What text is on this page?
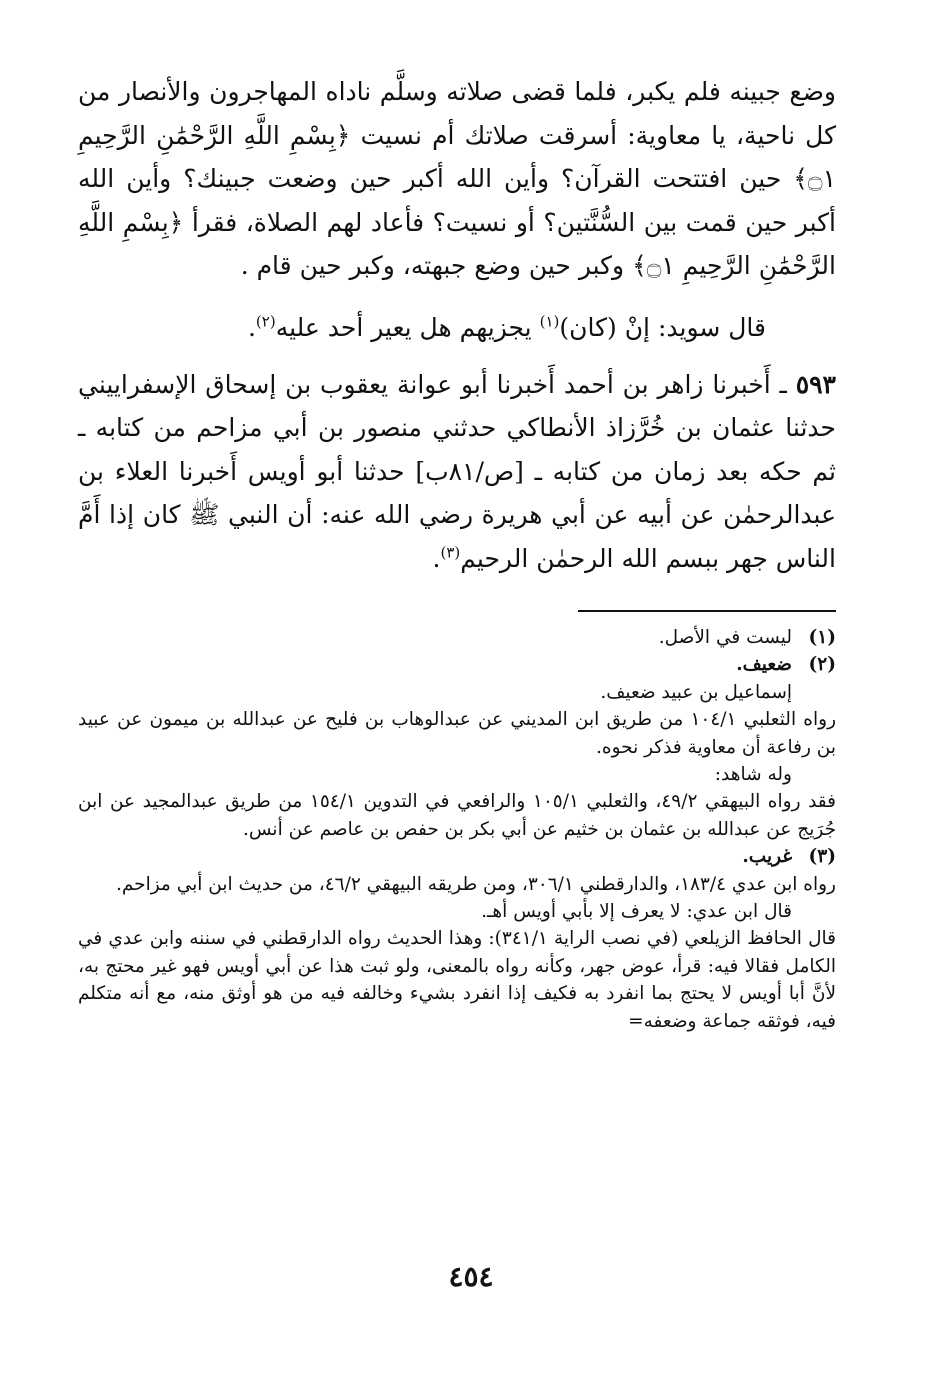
وضع جبينه فلم يكبر، فلما قضى صلاته وسلَّم ناداه المهاجرون والأنصار من كل ناحية، يا معاوية: أسرقت صلاتك أم نسيت ﴿بِسْمِ اللَّهِ الرَّحْمَٰنِ الرَّحِيمِ ۝١﴾ حين افتتحت القرآن؟ وأين الله أكبر حين وضعت جبينك؟ وأين الله أكبر حين قمت بين السُّنَّتين؟ أو نسيت؟ فأعاد لهم الصلاة، فقرأ ﴿بِسْمِ اللَّهِ الرَّحْمَٰنِ الرَّحِيمِ ۝١﴾ وكبر حين وضع جبهته، وكبر حين قام .

قال سويد: إنْ (كان)$^{(١)}$ يجزيهم هل يعير أحد عليه$^{(٢)}$.

٥٩٣ ـ أَخبرنا زاهر بن أحمد أَخبرنا أبو عوانة يعقوب بن إسحاق الإسفراييني حدثنا عثمان بن خُرَّزاذ الأنطاكي حدثني منصور بن أبي مزاحم من كتابه ـ ثم حكه بعد زمان من كتابه ـ [ص/٨١ب] حدثنا أبو أويس أَخبرنا العلاء بن عبدالرحمٰن عن أبيه عن أبي هريرة رضي الله عنه: أن النبي ﷺ كان إذا أَمَّ الناس جهر ببسم الله الرحمٰن الرحيم$^{(٣)}$.

(١)
ليست في الأصل.
(٢)

ضعيف.

إسماعيل بن عبيد ضعيف.

رواه الثعلبي ١٠٤/١ من طريق ابن المديني عن عبدالوهاب بن فليح عن عبدالله بن ميمون عن عبيد بن رفاعة أن معاوية فذكر نحوه.

وله شاهد:

فقد رواه البيهقي ٤٩/٢، والثعلبي ١٠٥/١ والرافعي في التدوين ١٥٤/١ من طريق عبدالمجيد عن ابن جُرَيج عن عبدالله بن عثمان بن خثيم عن أبي بكر بن حفص بن عاصم عن أنس.

(٣)

غريب.

رواه ابن عدي ١٨٣/٤، والدارقطني ٣٠٦/١، ومن طريقه البيهقي ٤٦/٢، من حديث ابن أبي مزاحم.

قال ابن عدي: لا يعرف إلا بأبي أويس أهـ.

قال الحافظ الزيلعي (في نصب الراية ٣٤١/١): وهذا الحديث رواه الدارقطني في سننه وابن عدي في الكامل فقالا فيه: قرأ، عوض جهر، وكأنه رواه بالمعنى، ولو ثبت هذا عن أبي أويس فهو غير محتج به، لأنَّ أبا أويس لا يحتج بما انفرد به فكيف إذا انفرد بشيء وخالفه فيه من هو أوثق منه، مع أنه متكلم فيه، فوثقه جماعة وضعفه=

٤٥٤
